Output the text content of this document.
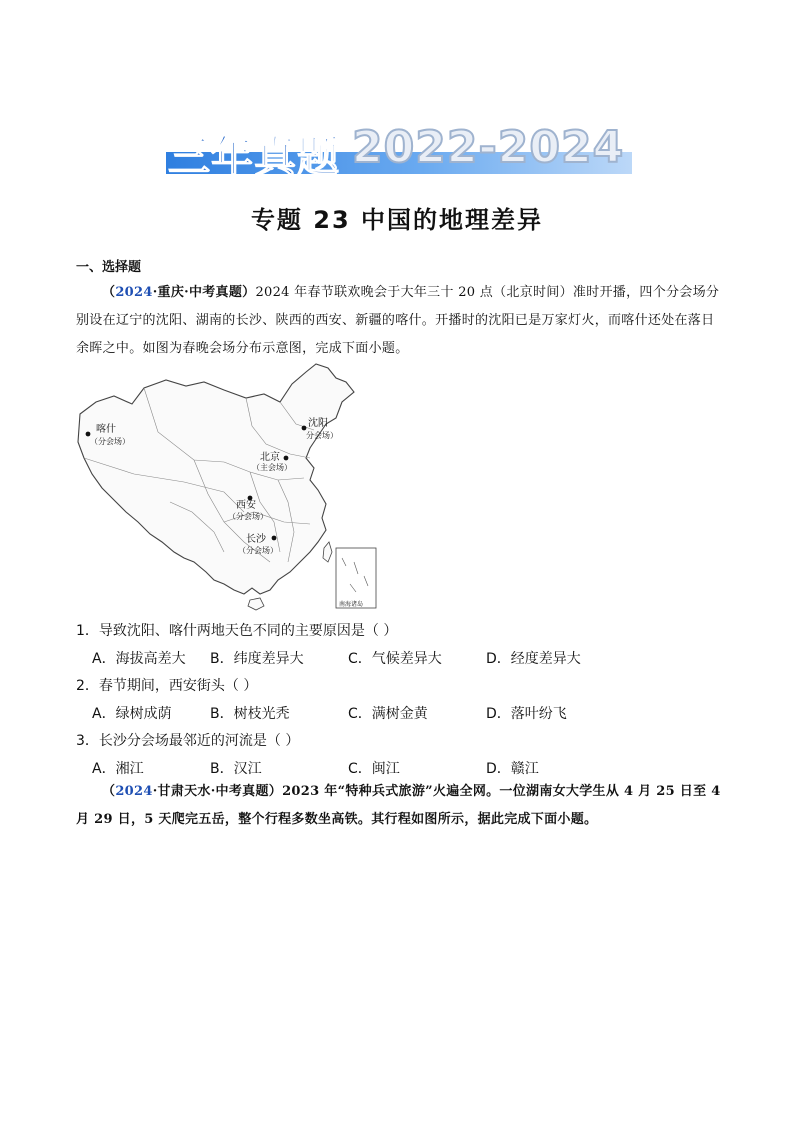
三年真题 2022-2024
专题 23 中国的地理差异
一、选择题
（2024·重庆·中考真题）2024 年春节联欢晚会于大年三十 20 点（北京时间）准时开播，四个分会场分别设在辽宁的沈阳、湖南的长沙、陕西的西安、新疆的喀什。开播时的沈阳已是万家灯火，而喀什还处在落日余晖之中。如图为春晚会场分布示意图，完成下面小题。
南海诸岛
喀什
（分会场）
沈阳
分会场）
北京
（主会场）
西安
（分会场）
长沙
（分会场）
1．导致沈阳、喀什两地天色不同的主要原因是（ ）
A．海拔高差大 B．纬度差异大	C．气候差异大	D．经度差异大
2．春节期间，西安街头（ ）
A．绿树成荫	B．树枝光秃	C．满树金黄	D．落叶纷飞
3．长沙分会场最邻近的河流是（ ）
A．湘江	B．汉江	C．闽江	D．赣江
（2024·甘肃天水·中考真题）2023 年“特种兵式旅游”火遍全网。一位湖南女大学生从 4 月 25 日至 4 月 29 日，5 天爬完五岳，整个行程多数坐高铁。其行程如图所示，据此完成下面小题。
